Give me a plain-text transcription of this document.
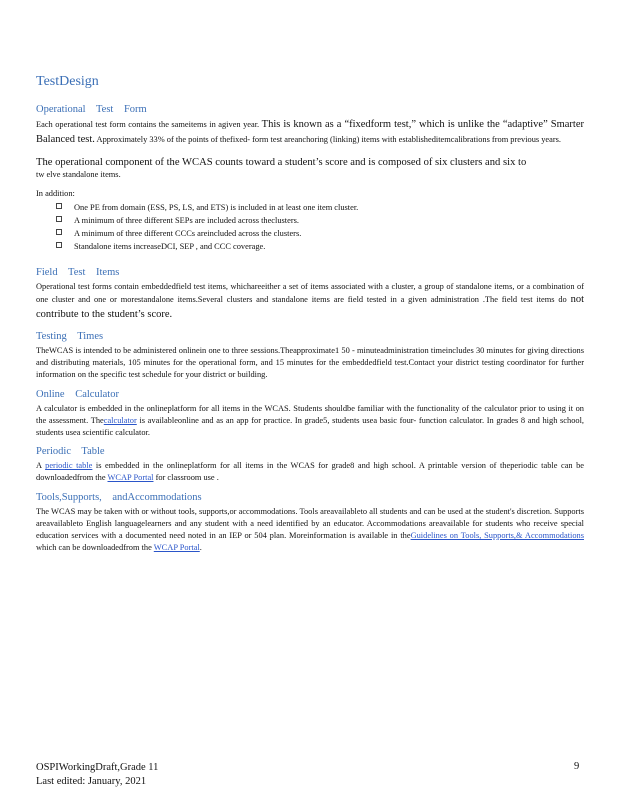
TestDesign
Operational Test Form

Each operational test form contains the sameitems in agiven year. This is known as a “fixedform test,” which is unlike the “adaptive” Smarter Balanced test. Approximately 33% of the points of thefixed- form test areanchoring (linking) items with establisheditemcalibrations from previous years.

The operational component of the WCAS counts toward a student’s score and is composed of six clusters and six to

tw elve standalone items.

In addition:

One PE from domain (ESS, PS, LS, and ETS) is included in at least one item cluster.
A minimum of three different SEPs are included across theclusters.
A minimum of three different CCCs areincluded across the clusters.
Standalone items increaseDCI, SEP , and CCC coverage.
Field Test Items

Operational test forms contain embeddedfield test items, whichareeither a set of items associated with a cluster, a group of standalone items, or a combination of one cluster and one or morestandalone items.Several clusters and standalone items are field tested in a given administration .The field test items do not contribute to the student’s score.

Testing Times

TheWCAS is intended to be administered onlinein one to three sessions.Theapproximate1 50 - minuteadministration timeincludes 30 minutes for giving directions and distributing materials, 105 minutes for the operational form, and 15 minutes for the embeddedfield test.Contact your district testing coordinator for further information on the specific test schedule for your district or building.

Online Calculator

A calculator is embedded in the onlineplatform for all items in the WCAS. Students shouldbe familiar with the functionality of the calculator prior to using it on the assessment. Thecalculator is availableonline and as an app for practice. In grade5, students usea basic four- function calculator. In grades 8 and high school, students usea scientific calculator.

Periodic Table

A periodic table is embedded in the onlineplatform for all items in the WCAS for grade8 and high school. A printable version of theperiodic table can be downloadedfrom the WCAP Portal for classroom use .

Tools,Supports, andAccommodations

The WCAS may be taken with or without tools, supports,or accommodations. Tools areavailableto all students and can be used at the student's discretion. Supports areavailableto English languagelearners and any student with a need identified by an educator. Accommodations areavailable for students who receive special education services with a documented need noted in an IEP or 504 plan. Moreinformation is available in theGuidelines on Tools, Supports,& Accommodations which can be downloadedfrom the WCAP Portal.

OSPIWorkingDraft,Grade 11
Last edited: January, 2021
9
